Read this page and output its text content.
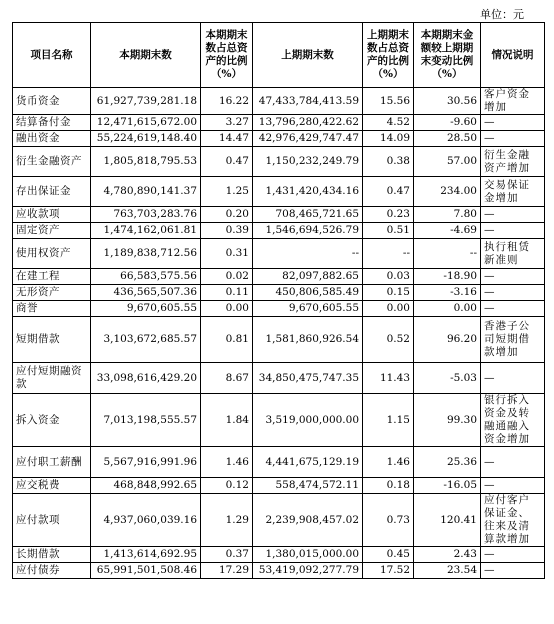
单位：元
项目名称	本期期末数	本期期末数占总资产的比例（%）	上期期末数	上期期末数占总资产的比例（%）	本期期末金额较上期期末变动比例（%）	情况说明
货币资金	61,927,739,281.18	16.22	47,433,784,413.59	15.56	30.56	客户资金增加
结算备付金	12,471,615,672.00	3.27	13,796,280,422.62	4.52	-9.60	—
融出资金	55,224,619,148.40	14.47	42,976,429,747.47	14.09	28.50	—
衍生金融资产	1,805,818,795.53	0.47	1,150,232,249.79	0.38	57.00	衍生金融资产增加
存出保证金	4,780,890,141.37	1.25	1,431,420,434.16	0.47	234.00	交易保证金增加
应收款项	763,703,283.76	0.20	708,465,721.65	0.23	7.80	—
固定资产	1,474,162,061.81	0.39	1,546,694,526.79	0.51	-4.69	—
使用权资产	1,189,838,712.56	0.31	--	--	--	执行租赁新准则
在建工程	66,583,575.56	0.02	82,097,882.65	0.03	-18.90	—
无形资产	436,565,507.36	0.11	450,806,585.49	0.15	-3.16	—
商誉	9,670,605.55	0.00	9,670,605.55	0.00	0.00	—
短期借款	3,103,672,685.57	0.81	1,581,860,926.54	0.52	96.20	香港子公司短期借款增加
应付短期融资款	33,098,616,429.20	8.67	34,850,475,747.35	11.43	-5.03	—
拆入资金	7,013,198,555.57	1.84	3,519,000,000.00	1.15	99.30	银行拆入资金及转融通融入资金增加
应付职工薪酬	5,567,916,991.96	1.46	4,441,675,129.19	1.46	25.36	—
应交税费	468,848,992.65	0.12	558,474,572.11	0.18	-16.05	—
应付款项	4,937,060,039.16	1.29	2,239,908,457.02	0.73	120.41	应付客户保证金、往来及清算款增加
长期借款	1,413,614,692.95	0.37	1,380,015,000.00	0.45	2.43	—
应付债券	65,991,501,508.46	17.29	53,419,092,277.79	17.52	23.54	—
